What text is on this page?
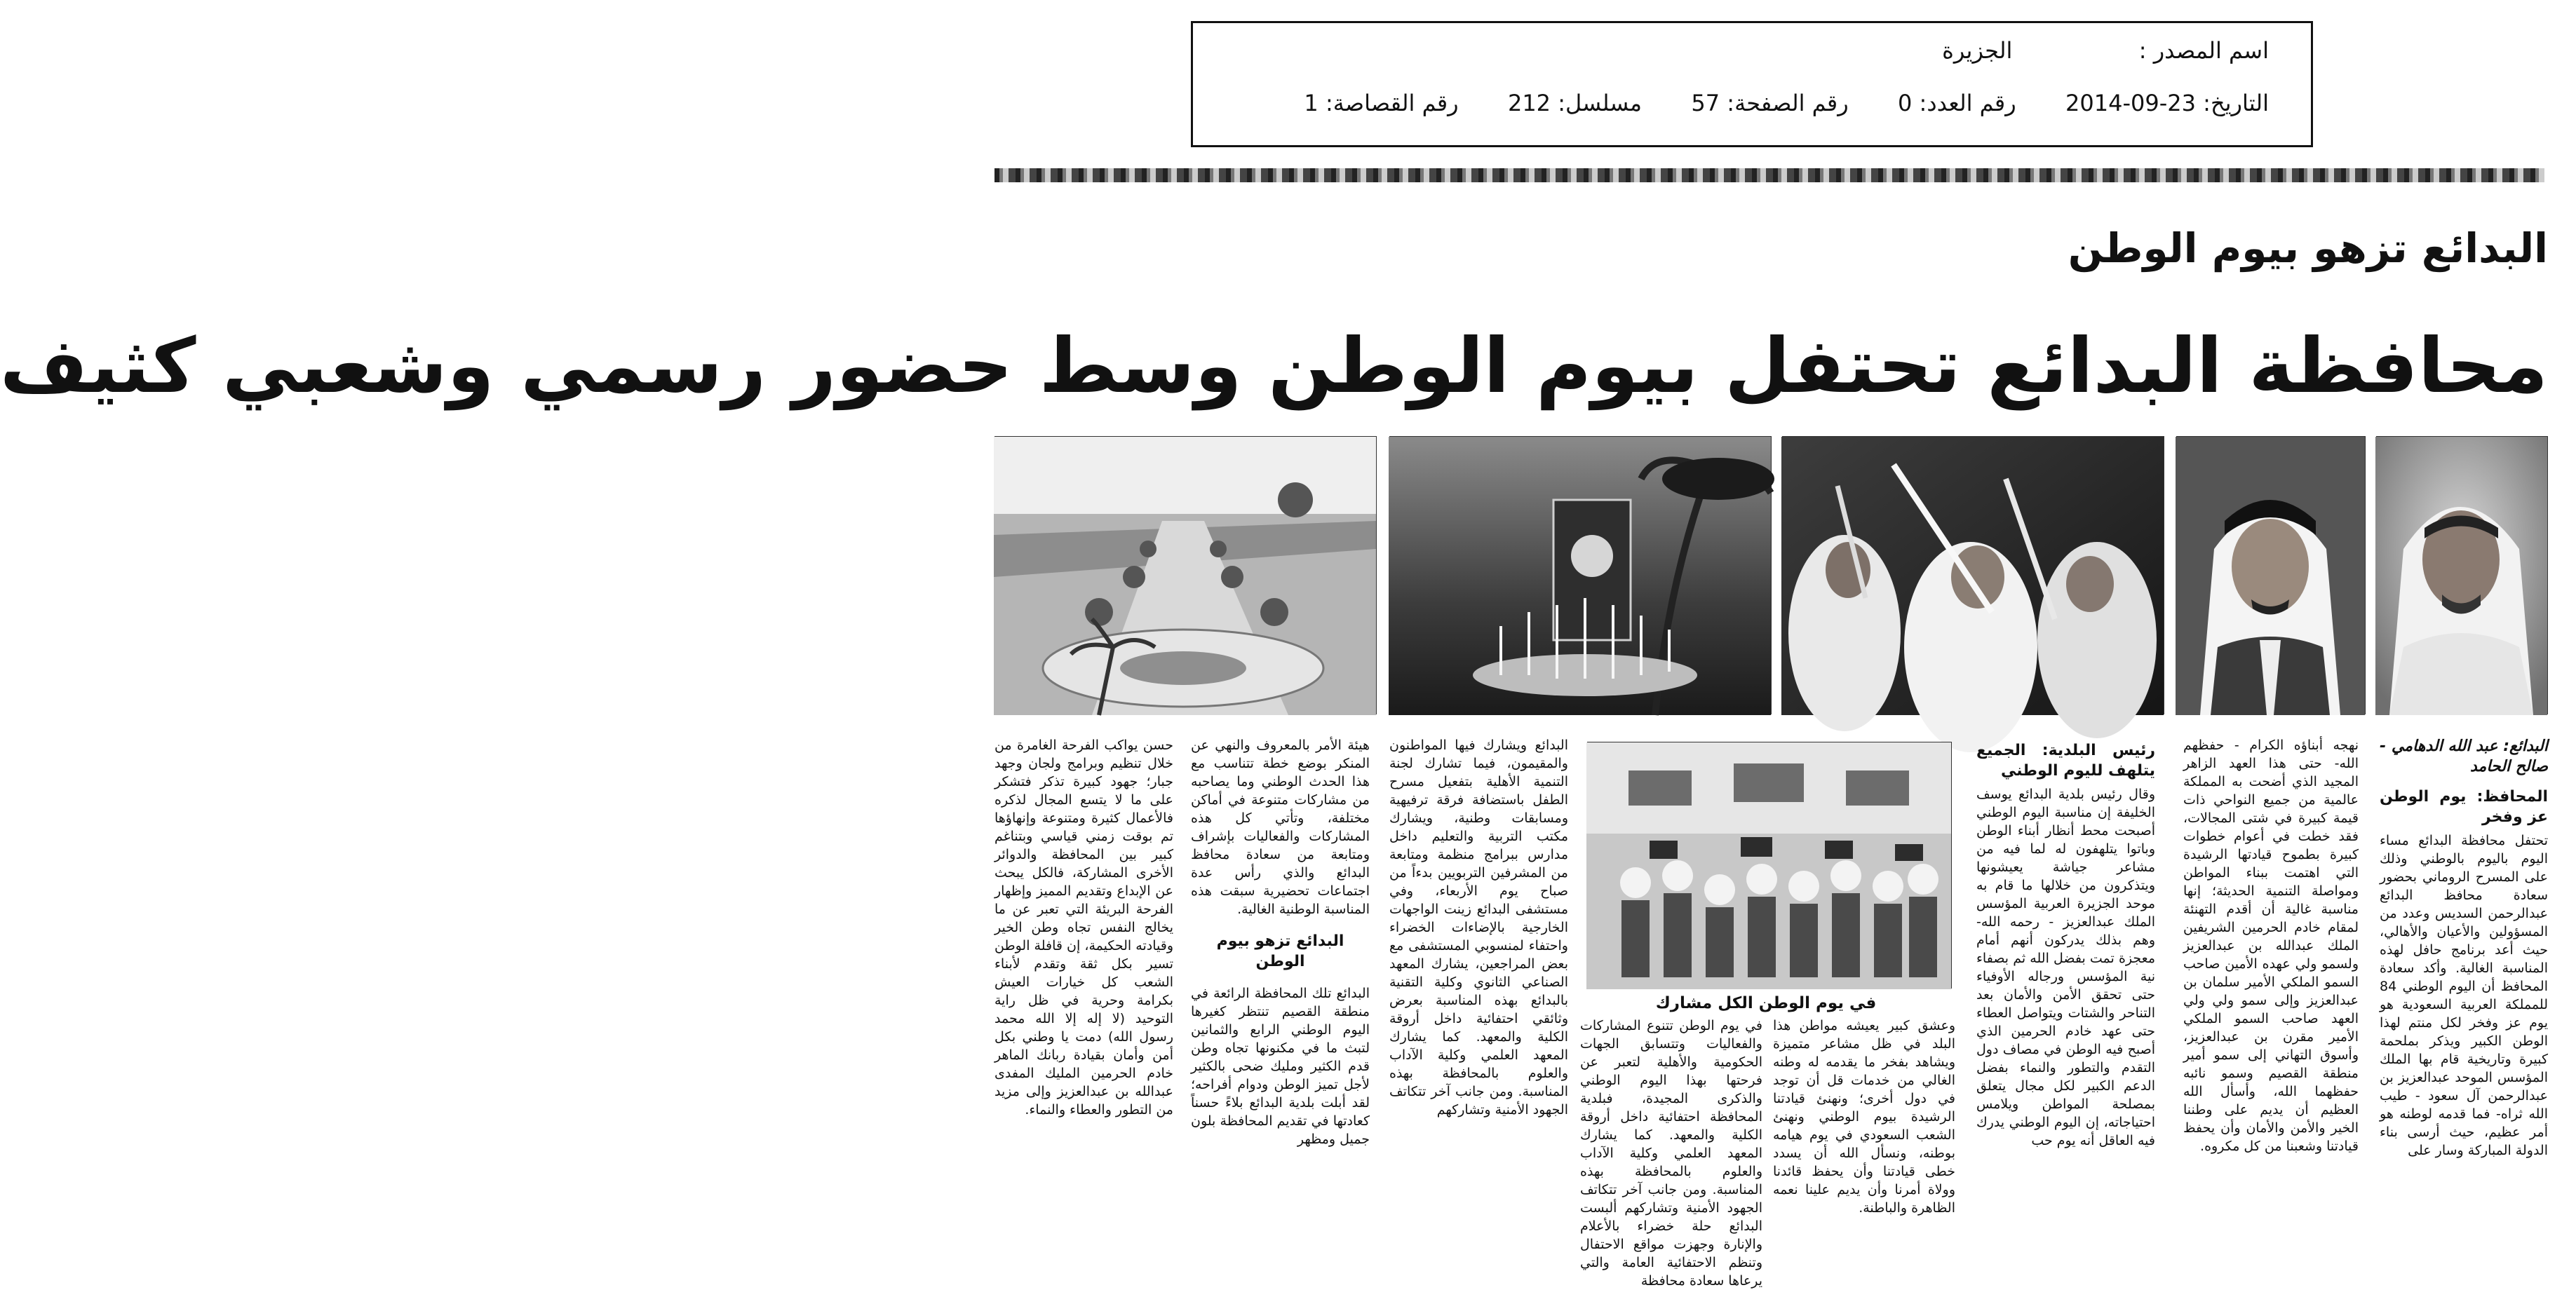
اسم المصدر :  الجزيرة
التاريخ: 23-09-2014  رقم العدد: 0  رقم الصفحة: 57  مسلسل: 212  رقم القصاصة: 1
البدائع تزهو بيوم الوطن
محافظة البدائع تحتفل بيوم الوطن وسط حضور رسمي وشعبي كثيف
في يوم الوطن الكل مشارك

البدائع: عبد الله الدهامي - صالح الحامد

المحافظ: يوم الوطن عز وفخر

تحتفل محافظة البدائع مساء اليوم باليوم بالوطني وذلك على المسرح الروماني بحضور سعادة محافظ البدائع عبدالرحمن السديس وعدد من المسؤولين والأعيان والأهالي، حيث أعد برنامج حافل لهذه المناسبة الغالية. وأكد سعادة المحافظ أن اليوم الوطني 84 للمملكة العربية السعودية هو يوم عز وفخر لكل منتم لهذا الوطن الكبير ويذكر بملحمة كبيرة وتاريخية قام بها الملك المؤسس الموحد عبدالعزيز بن عبدالرحمن آل سعود - طيب الله ثراه- فما قدمه لوطنه هو أمر عظيم، حيث أرسى بناء الدولة المباركة وسار على

نهجه أبناؤه الكرام - حفظهم الله- حتى هذا العهد الزاهر المجيد الذي أضحت به المملكة عالمية من جميع النواحي ذات قيمة كبيرة في شتى المجالات، فقد خطت في أعوام خطوات كبيرة بطموح قيادتها الرشيدة التي اهتمت ببناء المواطن ومواصلة التنمية الحديثة؛ إنها مناسبة غالية أن أقدم التهنئة لمقام خادم الحرمين الشريفين الملك عبدالله بن عبدالعزيز ولسمو ولي عهده الأمين صاحب السمو الملكي الأمير سلمان بن عبدالعزيز وإلى سمو ولي ولي العهد صاحب السمو الملكي الأمير مقرن بن عبدالعزيز، وأسوق التهاني إلى سمو أمير منطقة القصيم وسمو نائبه حفظهما الله، وأسأل الله العظيم أن يديم على وطننا الخير والأمن والأمان وأن يحفظ قيادتنا وشعبنا من كل مكروه.

رئيس البلدية: الجميع يتلهف لليوم الوطني

وقال رئيس بلدية البدائع يوسف الخليفة إن مناسبة اليوم الوطني أصبحت محط أنظار أبناء الوطن وباتوا يتلهفون له لما فيه من مشاعر جياشة يعيشونها ويتذكرون من خلالها ما قام به موحد الجزيرة العربية المؤسس الملك عبدالعزيز - رحمه الله- وهم بذلك يدركون أنهم أمام معجزة تمت بفضل الله ثم بصفاء نية المؤسس ورجاله الأوفياء حتى تحقق الأمن والأمان بعد التناحر والشتات ويتواصل العطاء حتى عهد خادم الحرمين الذي أصبح فيه الوطن في مصاف دول التقدم والتطور والنماء بفضل الدعم الكبير لكل مجال يتعلق بمصلحة المواطن ويلامس احتياجاته، إن اليوم الوطني يدرك فيه العاقل أنه يوم حب

وعشق كبير يعيشه مواطن هذا البلد في ظل مشاعر متميزة ويشاهد بفخر ما يقدمه له وطنه الغالي من خدمات قل أن توجد في دول أخرى؛ ونهنئ قيادتنا الرشيدة بيوم الوطني ونهنئ الشعب السعودي في يوم هيامه بوطنه، ونسأل الله أن يسدد خطى قيادتنا وأن يحفظ قائدنا وولاة أمرنا وأن يديم علينا نعمه الظاهرة والباطنة.

في يوم الوطن تتنوع المشاركات والفعاليات وتتسابق الجهات الحكومية والأهلية لتعبر عن فرحتها بهذا اليوم الوطني والذكرى المجيدة، فبلدية المحافظة احتفائية داخل أروقة الكلية والمعهد. كما يشارك المعهد العلمي وكلية الآداب والعلوم بالمحافظة بهذه المناسبة. ومن جانب آخر تتكاتف الجهود الأمنية وتشاركهم ألبست البدائع حلة خضراء بالأعلام والإنارة وجهزت مواقع الاحتفال وتنظم الاحتفائية العامة والتي يرعاها سعادة محافظة

البدائع ويشارك فيها المواطنون والمقيمون، فيما تشارك لجنة التنمية الأهلية بتفعيل مسرح الطفل باستضافة فرقة ترفيهية ومسابقات وطنية، ويشارك مكتب التربية والتعليم داخل مدارس ببرامج منظمة ومتابعة من المشرفين التربويين بدءاً من صباح يوم الأربعاء، وفي مستشفى البدائع زينت الواجهات الخارجية بالإضاءات الخضراء واحتفاء لمنسوبي المستشفى مع بعض المراجعين، يشارك المعهد الصناعي الثانوي وكلية التقنية بالبدائع بهذه المناسبة بعرض وثائقي احتفائية داخل أروقة الكلية والمعهد. كما يشارك المعهد العلمي وكلية الآداب والعلوم بالمحافظة بهذه المناسبة. ومن جانب آخر تتكاتف الجهود الأمنية وتشاركهم

هيئة الأمر بالمعروف والنهي عن المنكر بوضع خطة تتناسب مع هذا الحدث الوطني وما يصاحبه من مشاركات متنوعة في أماكن مختلفة، وتأتي كل هذه المشاركات والفعاليات بإشراف ومتابعة من سعادة محافظ البدائع والذي رأس عدة اجتماعات تحضيرية سبقت هذه المناسبة الوطنية الغالية.

البدائع تزهو بيوم الوطن

البدائع تلك المحافظة الرائعة في منطقة القصيم تنتظر كغيرها اليوم الوطني الرابع والثمانين لتبث ما في مكنونها تجاه وطن قدم الكثير ومليك ضحى بالكثير لأجل تميز الوطن ودوام أفراحه؛ لقد أبلت بلدية البدائع بلاءً حسناً كعادتها في تقديم المحافظة بلون جميل ومظهر

حسن يواكب الفرحة الغامرة من خلال تنظيم وبرامج ولجان وجهد جبار؛ جهود كبيرة تذكر فتشكر على ما لا يتسع المجال لذكره فالأعمال كثيرة ومتنوعة وإنهاؤها تم بوقت زمني قياسي وبتناغم كبير بين المحافظة والدوائر الأخرى المشاركة، فالكل يبحث عن الإبداع وتقديم المميز وإظهار الفرحة البريئة التي تعبر عن ما يخالج النفس تجاه وطن الخير وقيادته الحكيمة، إن قافلة الوطن تسير بكل ثقة وتقدم لأبناء الشعب كل خيارات العيش بكرامة وحرية في ظل راية التوحيد (لا إله إلا الله محمد رسول الله) دمت يا وطني بكل أمن وأمان بقيادة ربانك الماهر خادم الحرمين المليك المفدى عبدالله بن عبدالعزيز وإلى مزيد من التطور والعطاء والنماء.
